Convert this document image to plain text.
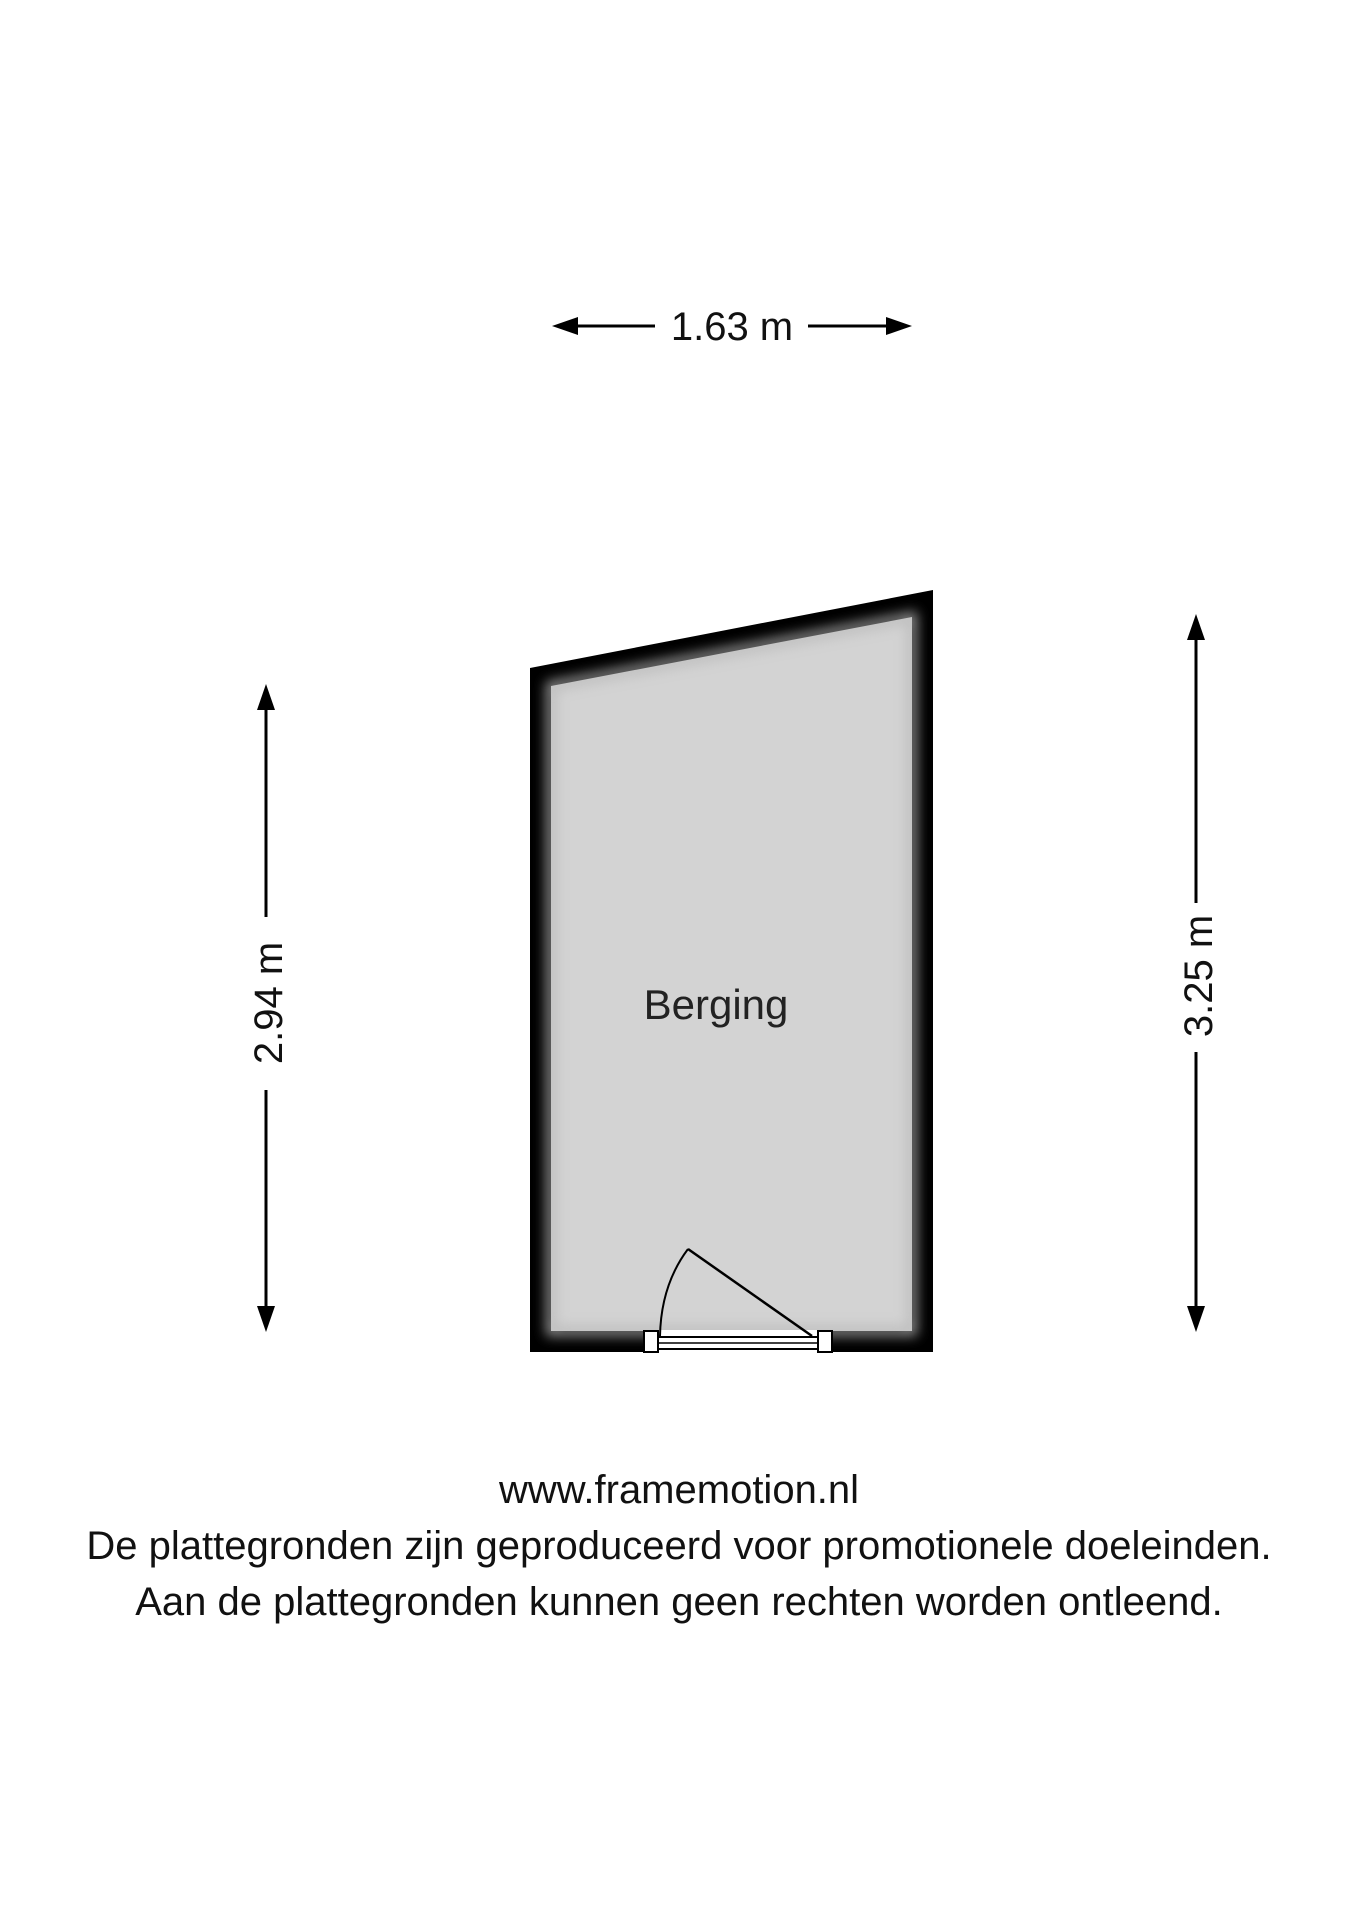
1.63 m
2.94 m	3.25 m
Berging
www.framemotion.nl
De plattegronden zijn geproduceerd voor promotionele doeleinden.
Aan de plattegronden kunnen geen rechten worden ontleend.
